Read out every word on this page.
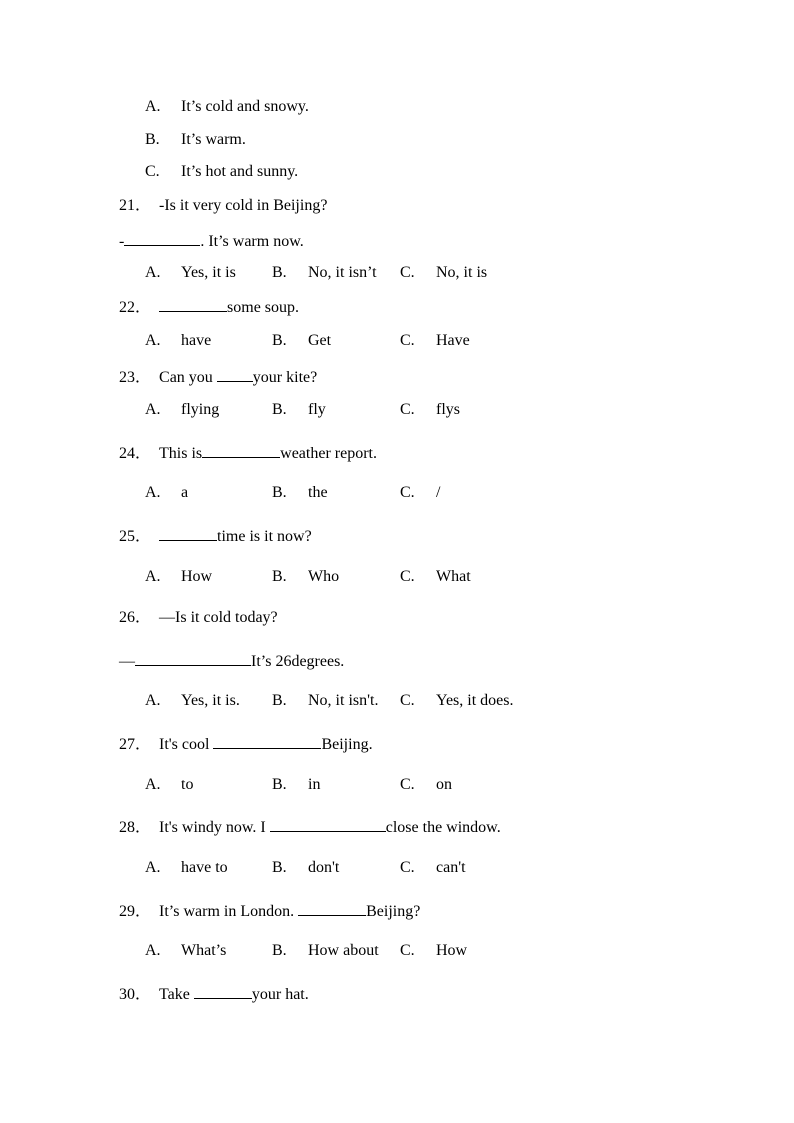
A. It’s cold and snowy.
B. It’s warm.
C. It’s hot and sunny.
21． -Is it very cold in Beijing?
-	. It’s warm now.
A. Yes, it is B. No, it isn’t C. No, it is
22．	some soup.
A. have	B. Get	C. Have
23． Can you your kite?
A. flying	B. fly	C. flys
24． This is	weather report.
A. a	B. the	C. /
25．	time is it now?
A. How	B. Who	C. What
26． —Is it cold today?
—	It’s 26degrees.
A. Yes, it is. B. No, it isn't. C. Yes, it does.
27． It's cool	Beijing.
A. to	B. in	C. on
28． It's windy now. I	close the window.
A. have to	B. don't	C. can't
29． It’s warm in London.	Beijing?
A. What’s	B. How about C. How
30． Take	your hat.
